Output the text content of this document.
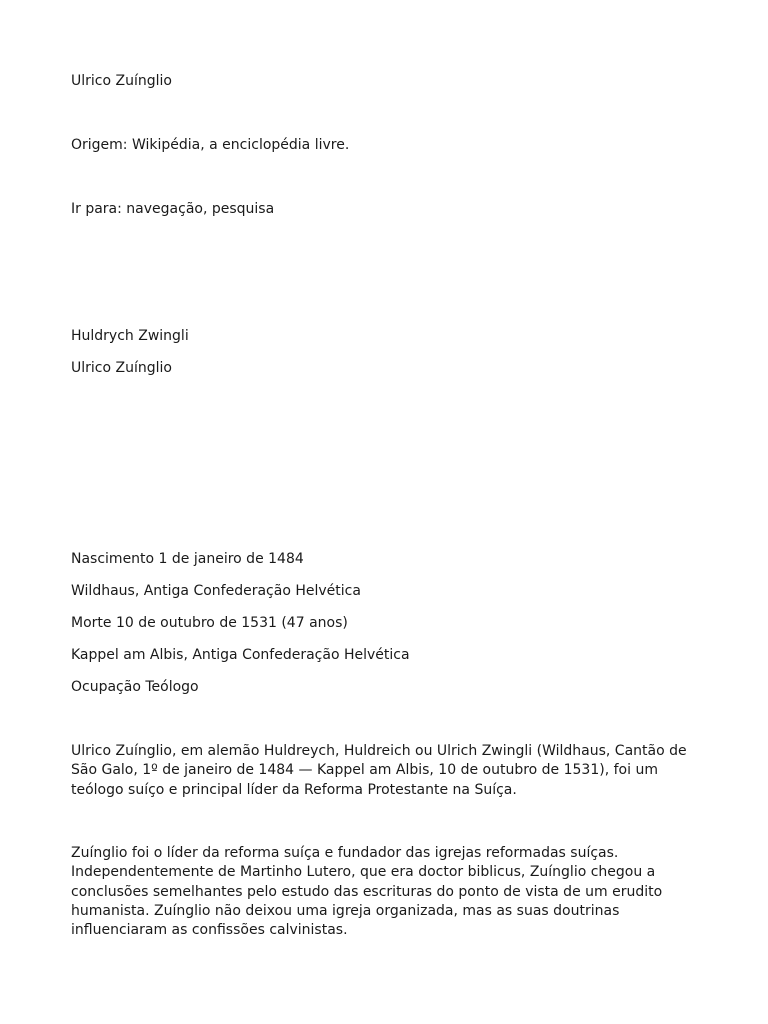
Ulrico Zuínglio
Origem: Wikipédia, a enciclopédia livre.
Ir para: navegação, pesquisa
Huldrych Zwingli
Ulrico Zuínglio
Nascimento 1 de janeiro de 1484
Wildhaus, Antiga Confederação Helvética
Morte 10 de outubro de 1531 (47 anos)
Kappel am Albis, Antiga Confederação Helvética
Ocupação Teólogo
Ulrico Zuínglio, em alemão Huldreych, Huldreich ou Ulrich Zwingli (Wildhaus, Cantão de São Galo, 1º de janeiro de 1484 — Kappel am Albis, 10 de outubro de 1531), foi um teólogo suíço e principal líder da Reforma Protestante na Suíça.
Zuínglio foi o líder da reforma suíça e fundador das igrejas reformadas suíças. Independentemente de Martinho Lutero, que era doctor biblicus, Zuínglio chegou a conclusões semelhantes pelo estudo das escrituras do ponto de vista de um erudito humanista. Zuínglio não deixou uma igreja organizada, mas as suas doutrinas influenciaram as confissões calvinistas.
